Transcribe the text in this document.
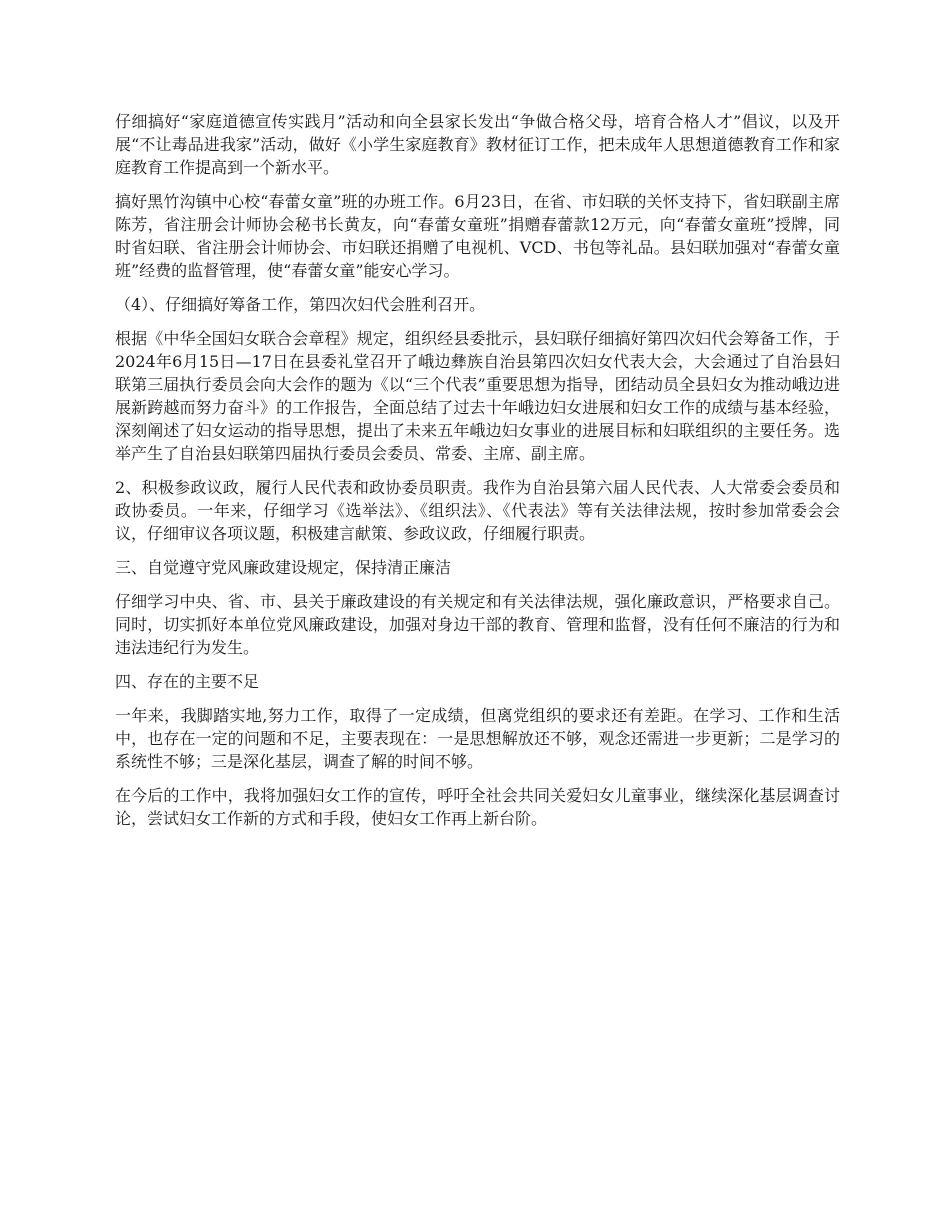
仔细搞好“家庭道德宣传实践月”活动和向全县家长发出“争做合格父母，培育合格人才”倡议，以及开展“不让毒品进我家”活动，做好《小学生家庭教育》教材征订工作，把未成年人思想道德教育工作和家庭教育工作提高到一个新水平。

搞好黑竹沟镇中心校“春蕾女童”班的办班工作。6月23日，在省、市妇联的关怀支持下，省妇联副主席陈芳，省注册会计师协会秘书长黄友，向“春蕾女童班”捐赠春蕾款12万元，向“春蕾女童班”授牌，同时省妇联、省注册会计师协会、市妇联还捐赠了电视机、VCD、书包等礼品。县妇联加强对“春蕾女童班”经费的监督管理，使“春蕾女童”能安心学习。

（4）、仔细搞好筹备工作，第四次妇代会胜利召开。

根据《中华全国妇女联合会章程》规定，组织经县委批示，县妇联仔细搞好第四次妇代会筹备工作，于2024年6月15日—17日在县委礼堂召开了峨边彝族自治县第四次妇女代表大会，大会通过了自治县妇联第三届执行委员会向大会作的题为《以“三个代表”重要思想为指导，团结动员全县妇女为推动峨边进展新跨越而努力奋斗》的工作报告，全面总结了过去十年峨边妇女进展和妇女工作的成绩与基本经验，深刻阐述了妇女运动的指导思想，提出了未来五年峨边妇女事业的进展目标和妇联组织的主要任务。选举产生了自治县妇联第四届执行委员会委员、常委、主席、副主席。

2、积极参政议政，履行人民代表和政协委员职责。我作为自治县第六届人民代表、人大常委会委员和政协委员。一年来，仔细学习《选举法》、《组织法》、《代表法》等有关法律法规，按时参加常委会会议，仔细审议各项议题，积极建言献策、参政议政，仔细履行职责。

三、自觉遵守党风廉政建设规定，保持清正廉洁

仔细学习中央、省、市、县关于廉政建设的有关规定和有关法律法规，强化廉政意识，严格要求自己。同时，切实抓好本单位党风廉政建设，加强对身边干部的教育、管理和监督，没有任何不廉洁的行为和违法违纪行为发生。

四、存在的主要不足

一年来，我脚踏实地,努力工作，取得了一定成绩，但离党组织的要求还有差距。在学习、工作和生活中，也存在一定的问题和不足，主要表现在：一是思想解放还不够，观念还需进一步更新；二是学习的系统性不够；三是深化基层，调查了解的时间不够。

在今后的工作中，我将加强妇女工作的宣传，呼吁全社会共同关爱妇女儿童事业，继续深化基层调查讨论，尝试妇女工作新的方式和手段，使妇女工作再上新台阶。
